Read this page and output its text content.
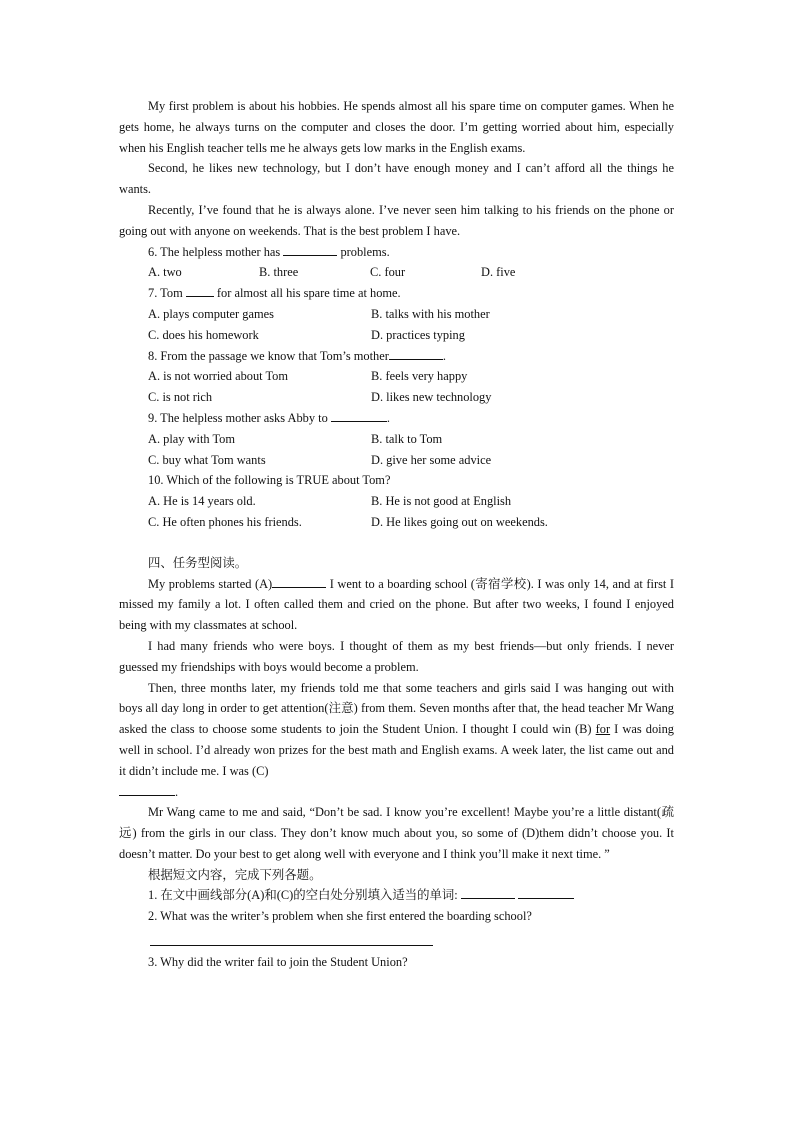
My first problem is about his hobbies. He spends almost all his spare time on computer games. When he gets home, he always turns on the computer and closes the door. I’m getting worried about him, especially when his English teacher tells me he always gets low marks in the English exams.

Second, he likes new technology, but I don’t have enough money and I can’t afford all the things he wants.

Recently, I’ve found that he is always alone. I’ve never seen him talking to his friends on the phone or going out with anyone on weekends. That is the best problem I have.

6. The helpless mother has	problems.

A. two	B. three	C. four	D. five

7. Tom  for almost all his spare time at home.

A. plays computer games	B. talks with his mother
C. does his homework	D. practices typing

8. From the passage we know that Tom’s mother	.

A. is not worried about Tom	B. feels very happy
C. is not rich	D. likes new technology

9. The helpless mother asks Abby to	.

A. play with Tom	B. talk to Tom
C. buy what Tom wants	D. give her some advice

10. Which of the following is TRUE about Tom?

A. He is 14 years old.	B. He is not good at English
C. He often phones his friends.	D. He likes going out on weekends.

四、任务型阅读。

My problems started (A)	I went to a boarding school (寄宿学校). I was only 14, and at first I missed my family a lot. I often called them and cried on the phone. But after two weeks, I found I enjoyed being with my classmates at school.

I had many friends who were boys. I thought of them as my best friends—but only friends. I never guessed my friendships with boys would become a problem.

Then, three months later, my friends told me that some teachers and girls said I was hanging out with boys all day long in order to get attention(注意) from them. Seven months after that, the head teacher Mr Wang asked the class to choose some students to join the Student Union. I thought I could win (B) for I was doing well in school. I’d already won prizes for the best math and English exams. A week later, the list came out and it didn’t include me. I was (C)
.

Mr Wang came to me and said, “Don’t be sad. I know you’re excellent! Maybe you’re a little distant(疏远) from the girls in our class. They don’t know much about you, so some of (D)them didn’t choose you. It doesn’t matter. Do your best to get along well with everyone and I think you’ll make it next time. ”

根据短文内容，完成下列各题。

1. 在文中画线部分(A)和(C)的空白处分别填入适当的单词:

2. What was the writer’s problem when she first entered the boarding school?

3. Why did the writer fail to join the Student Union?
